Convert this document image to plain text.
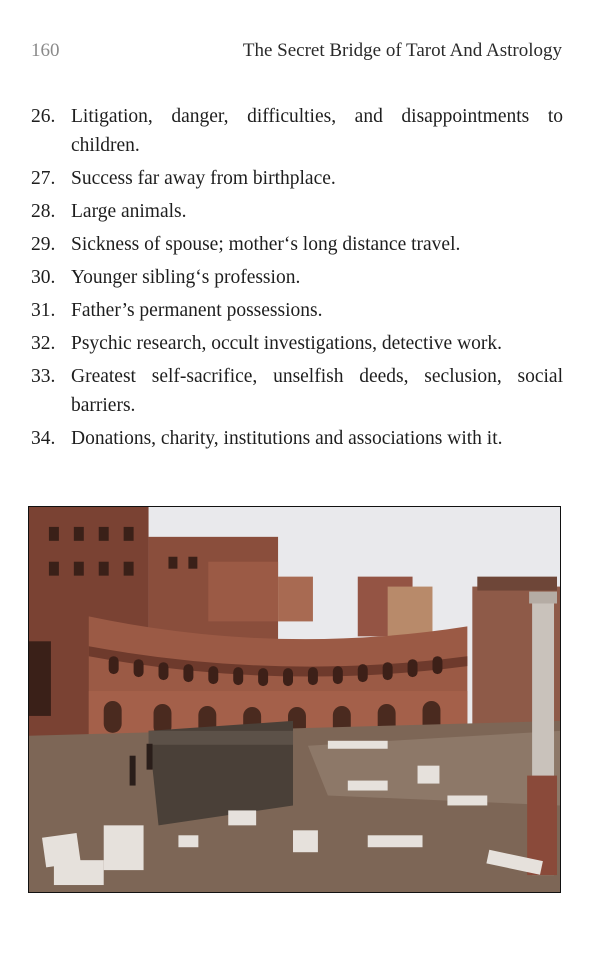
160	The Secret Bridge of Tarot And Astrology
26. Litigation, danger, difficulties, and disappointments to children.
27. Success far away from birthplace.
28. Large animals.
29. Sickness of spouse; mother‘s long distance travel.
30. Younger sibling‘s profession.
31. Father’s permanent possessions.
32. Psychic research, occult investigations, detective work.
33. Greatest self-sacrifice, unselfish deeds, seclusion, social barriers.
34. Donations, charity, institutions and associations with it.
